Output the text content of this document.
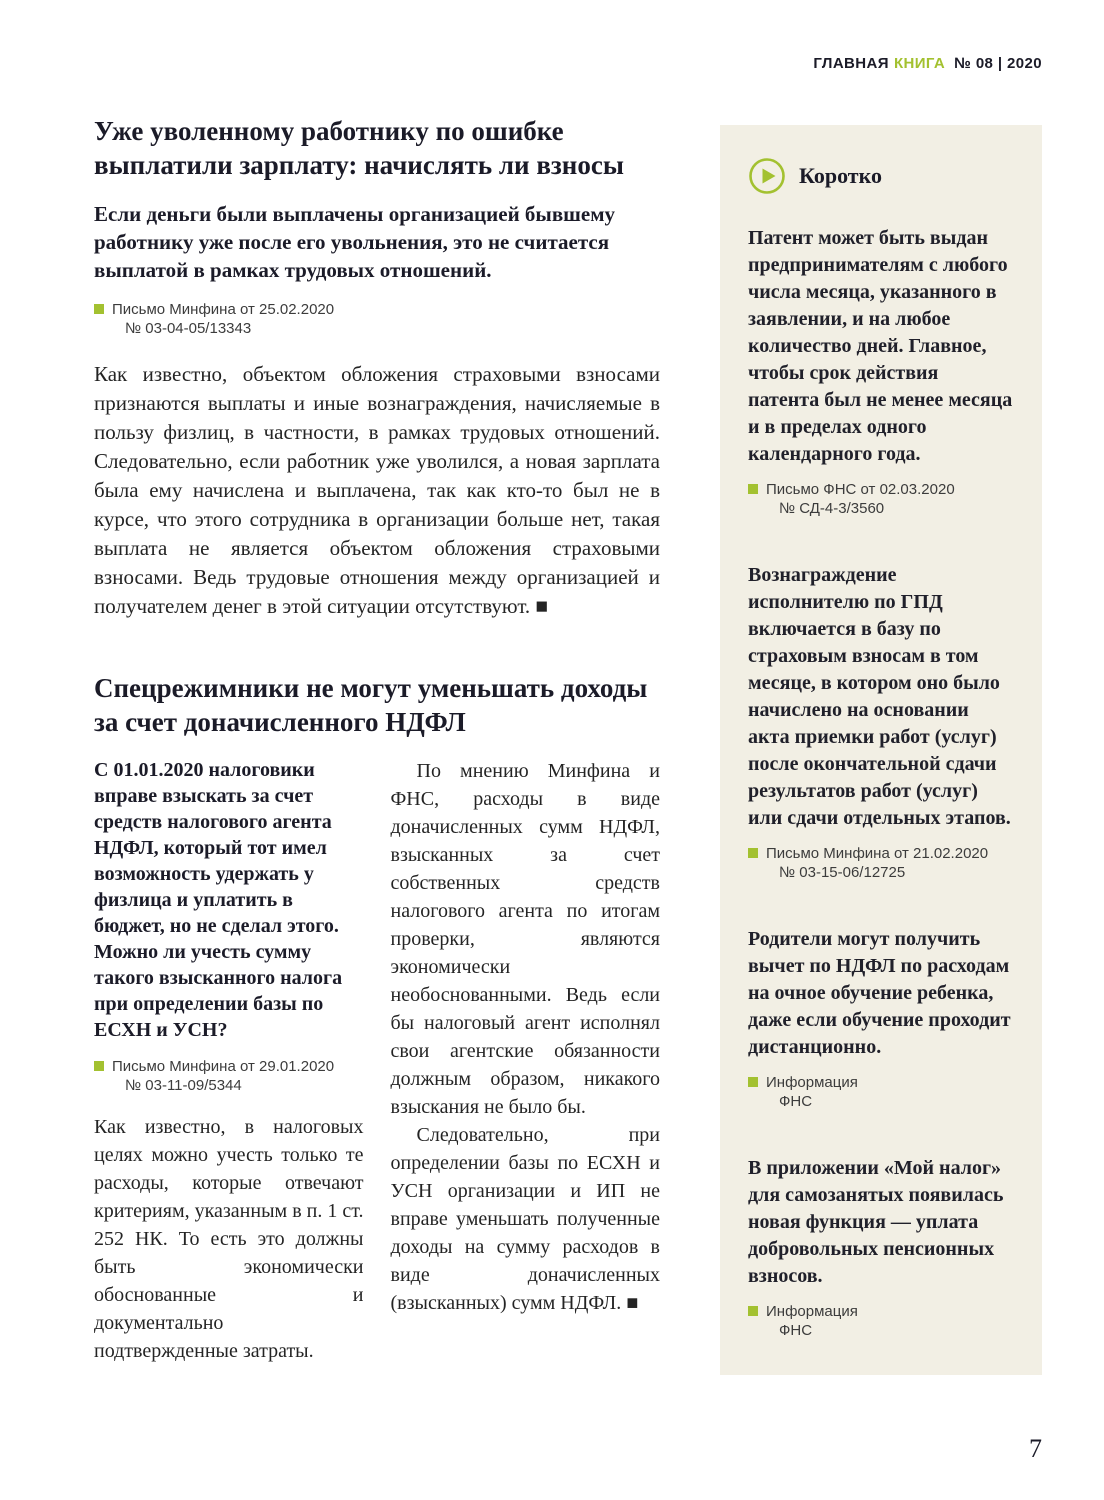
ГЛАВНАЯ КНИГА № 08 | 2020
Уже уволенному работнику по ошибке выплатили зарплату: начислять ли взносы

Если деньги были выплачены организацией бывшему работнику уже после его увольнения, это не считается выплатой в рамках трудовых отношений.

Письмо Минфина от 25.02.2020
№ 03-04-05/13343

Как известно, объектом обложения страховыми взносами признаются выплаты и иные вознаграждения, начисляемые в пользу физлиц, в частности, в рамках трудовых отношений. Следовательно, если работник уже уволился, а новая зарплата была ему начислена и выплачена, так как кто-то был не в курсе, что этого сотрудника в организации больше нет, такая выплата не является объектом обложения страховыми взносами. Ведь трудовые отношения между организацией и получателем денег в этой ситуации отсутствуют. ■

Спецрежимники не могут уменьшать доходы за счет доначисленного НДФЛ

С 01.01.2020 налоговики вправе взыскать за счет средств налогового агента НДФЛ, который тот имел возможность удержать у физлица и уплатить в бюджет, но не сделал этого. Можно ли учесть сумму такого взысканного налога при определении базы по ЕСХН и УСН?

Письмо Минфина от 29.01.2020
№ 03-11-09/5344

Как известно, в налоговых целях можно учесть только те расходы, которые отвечают критериям, указанным в п. 1 ст. 252 НК. То есть это должны быть экономически обоснованные и документально подтвержденные затраты.

По мнению Минфина и ФНС, расходы в виде доначисленных сумм НДФЛ, взысканных за счет собственных средств налогового агента по итогам проверки, являются экономически необоснованными. Ведь если бы налоговый агент исполнял свои агентские обязанности должным образом, никакого взыскания не было бы.

Следовательно, при определении базы по ЕСХН и УСН организации и ИП не вправе уменьшать полученные доходы на сумму расходов в виде доначисленных (взысканных) сумм НДФЛ. ■

Коротко

Патент может быть выдан предпринимателям с любого числа месяца, указанного в заявлении, и на любое количество дней. Главное, чтобы срок действия патента был не менее месяца и в пределах одного календарного года.

Письмо ФНС от 02.03.2020
№ СД-4-3/3560

Вознаграждение исполнителю по ГПД включается в базу по страховым взносам в том месяце, в котором оно было начислено на основании акта приемки работ (услуг) после окончательной сдачи результатов работ (услуг) или сдачи отдельных этапов.

Письмо Минфина от 21.02.2020
№ 03-15-06/12725

Родители могут получить вычет по НДФЛ по расходам на очное обучение ребенка, даже если обучение проходит дистанционно.

Информация
ФНС

В приложении «Мой налог» для самозанятых появилась новая функция — уплата добровольных пенсионных взносов.

Информация
ФНС
7
